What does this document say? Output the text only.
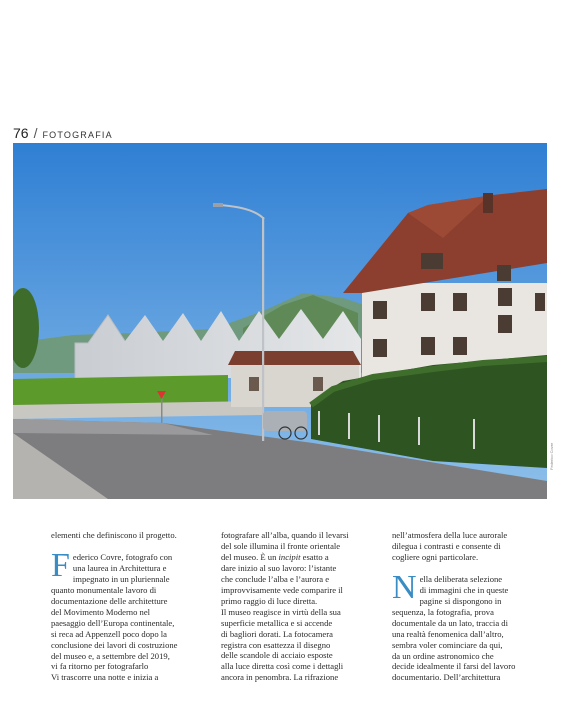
76 / FOTOGRAFIA
Federico Covre

elementi che definiscono il progetto.

F ederico Covre, fotografo con
una laurea in Architettura e
impegnato in un pluriennale
quanto monumentale lavoro di
documentazione delle architetture
del Movimento Moderno nel
paesaggio dell’Europa continentale,
si reca ad Appenzell poco dopo la
conclusione dei lavori di costruzione
del museo e, a settembre del 2019,
vi fa ritorno per fotografarlo
Vi trascorre una notte e inizia a

fotografare all’alba, quando il levarsi
del sole illumina il fronte orientale
del museo. È un incipit esatto a
dare inizio al suo lavoro: l’istante
che conclude l’alba e l’aurora e
improvvisamente vede comparire il
primo raggio di luce diretta.
Il museo reagisce in virtù della sua
superficie metallica e si accende
di bagliori dorati. La fotocamera
registra con esattezza il disegno
delle scandole di acciaio esposte
alla luce diretta così come i dettagli
ancora in penombra. La rifrazione

nell’atmosfera della luce aurorale
dilegua i contrasti e consente di
cogliere ogni particolare.

N ella deliberata selezione
di immagini che in queste
pagine si dispongono in
sequenza, la fotografia, prova
documentale da un lato, traccia di
una realtà fenomenica dall’altro,
sembra voler cominciare da qui,
da un ordine astronomico che
decide idealmente il farsi del lavoro
documentario. Dell’architettura
